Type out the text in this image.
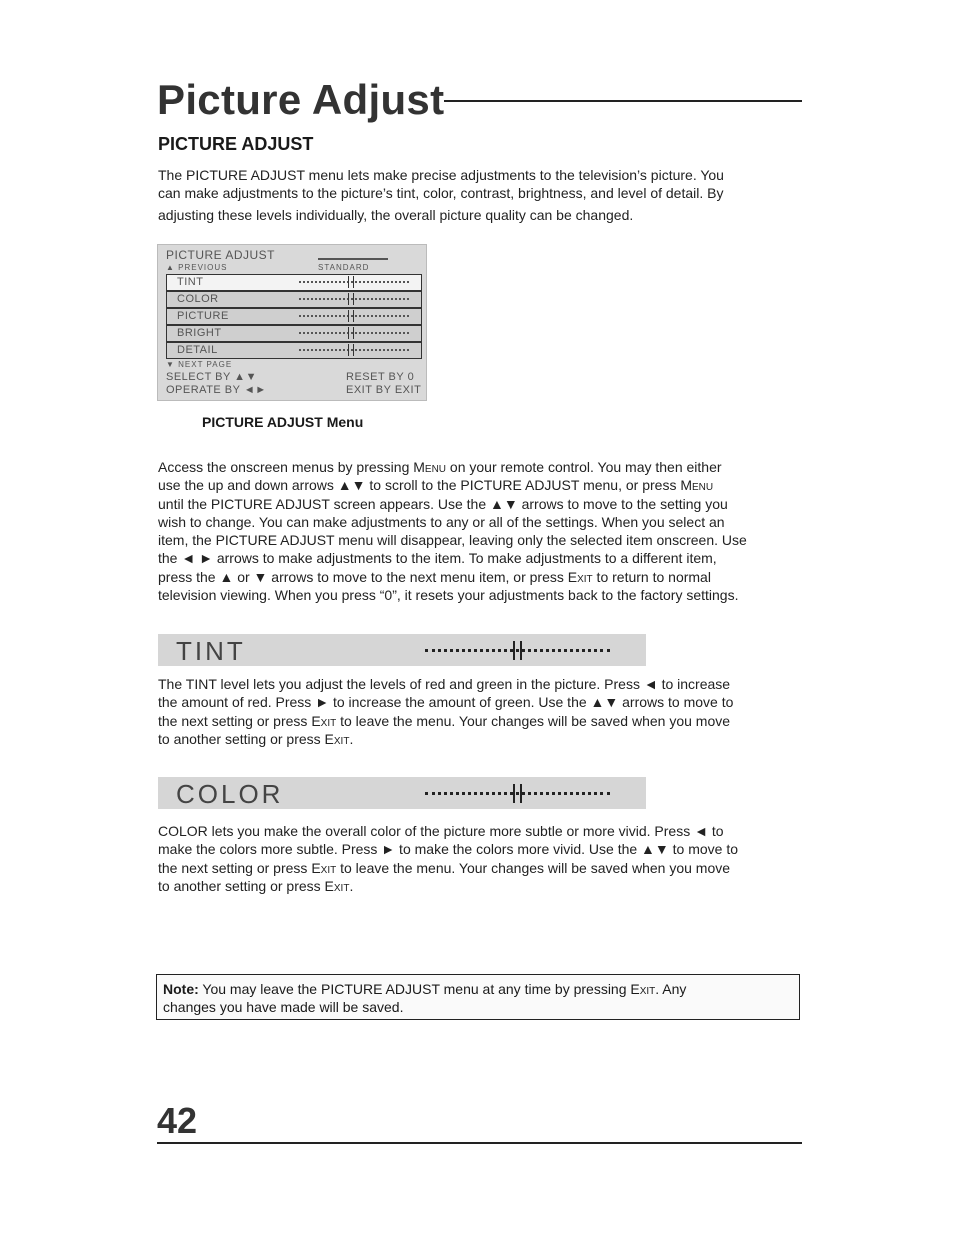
Picture Adjust
PICTURE ADJUST
The PICTURE ADJUST menu lets make precise adjustments to the television’s picture. You
can make adjustments to the picture’s tint, color, contrast, brightness, and level of detail. By
adjusting these levels individually, the overall picture quality can be changed.
PICTURE ADJUST
▲ PREVIOUS	STANDARD
TINT
COLOR
PICTURE
BRIGHT
DETAIL
▼ NEXT PAGE
SELECT BY ▲▼
OPERATE BY ◄►
RESET BY 0
EXIT BY EXIT
PICTURE ADJUST Menu
Access the onscreen menus by pressing Menu on your remote control. You may then either
use the up and down arrows ▲▼ to scroll to the PICTURE ADJUST menu, or press Menu
until the PICTURE ADJUST screen appears. Use the ▲▼ arrows to move to the setting you
wish to change. You can make adjustments to any or all of the settings. When you select an
item, the PICTURE ADJUST menu will disappear, leaving only the selected item onscreen. Use
the ◄ ► arrows to make adjustments to the item. To make adjustments to a different item,
press the ▲ or ▼ arrows to move to the next menu item, or press Exit to return to normal
television viewing. When you press “0”, it resets your adjustments back to the factory settings.
TINT
The TINT level lets you adjust the levels of red and green in the picture. Press ◄ to increase
the amount of red. Press ► to increase the amount of green. Use the ▲▼ arrows to move to
the next setting or press Exit to leave the menu. Your changes will be saved when you move
to another setting or press Exit.
COLOR
COLOR lets you make the overall color of the picture more subtle or more vivid. Press ◄ to
make the colors more subtle. Press ► to make the colors more vivid. Use the ▲▼ to move to
the next setting or press Exit to leave the menu. Your changes will be saved when you move
to another setting or press Exit.
Note: You may leave the PICTURE ADJUST menu at any time by pressing Exit. Any
changes you have made will be saved.
42
